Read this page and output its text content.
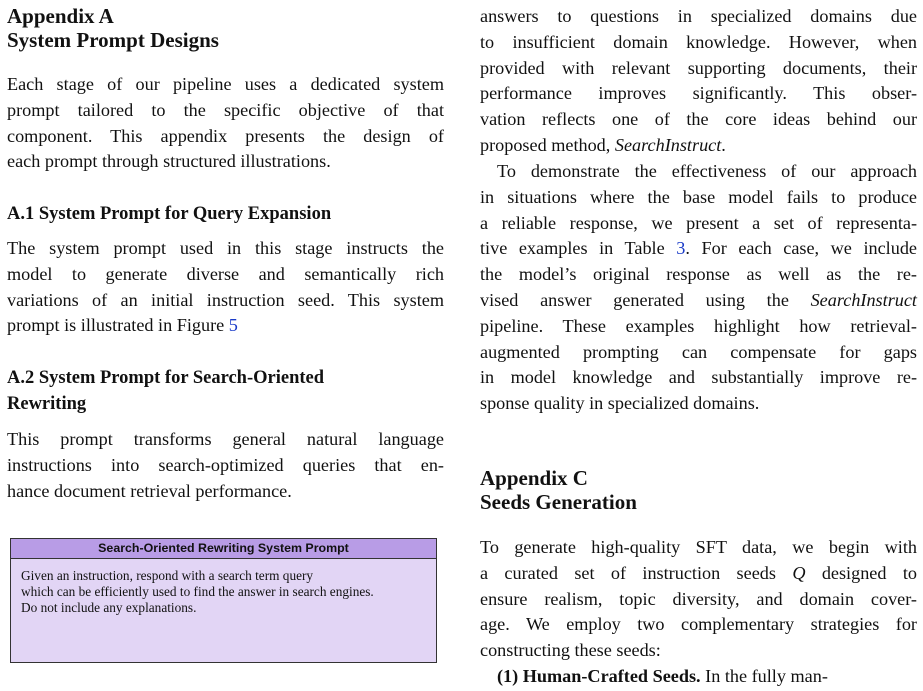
Appendix A
System Prompt Designs

Each stage of our pipeline uses a dedicated system
prompt tailored to the specific objective of that
component. This appendix presents the design of
each prompt through structured illustrations.

A.1 System Prompt for Query Expansion

The system prompt used in this stage instructs the
model to generate diverse and semantically rich
variations of an initial instruction seed. This system
prompt is illustrated in Figure 5

A.2 System Prompt for Search-Oriented
Rewriting

This prompt transforms general natural language
instructions into search-optimized queries that en-
hance document retrieval performance.

Search-Oriented Rewriting System Prompt
Given an instruction, respond with a search term query
which can be efficiently used to find the answer in search engines.
Do not include any explanations.

answers to questions in specialized domains due
to insufficient domain knowledge. However, when
provided with relevant supporting documents, their
performance improves significantly. This obser-
vation reflects one of the core ideas behind our
proposed method, SearchInstruct.

To demonstrate the effectiveness of our approach
in situations where the base model fails to produce
a reliable response, we present a set of representa-
tive examples in Table 3. For each case, we include
the model’s original response as well as the re-
vised answer generated using the SearchInstruct
pipeline. These examples highlight how retrieval-
augmented prompting can compensate for gaps
in model knowledge and substantially improve re-
sponse quality in specialized domains.

Appendix C
Seeds Generation

To generate high-quality SFT data, we begin with
a curated set of instruction seeds Q designed to
ensure realism, topic diversity, and domain cover-
age. We employ two complementary strategies for
constructing these seeds:

(1) Human-Crafted Seeds. In the fully man-
